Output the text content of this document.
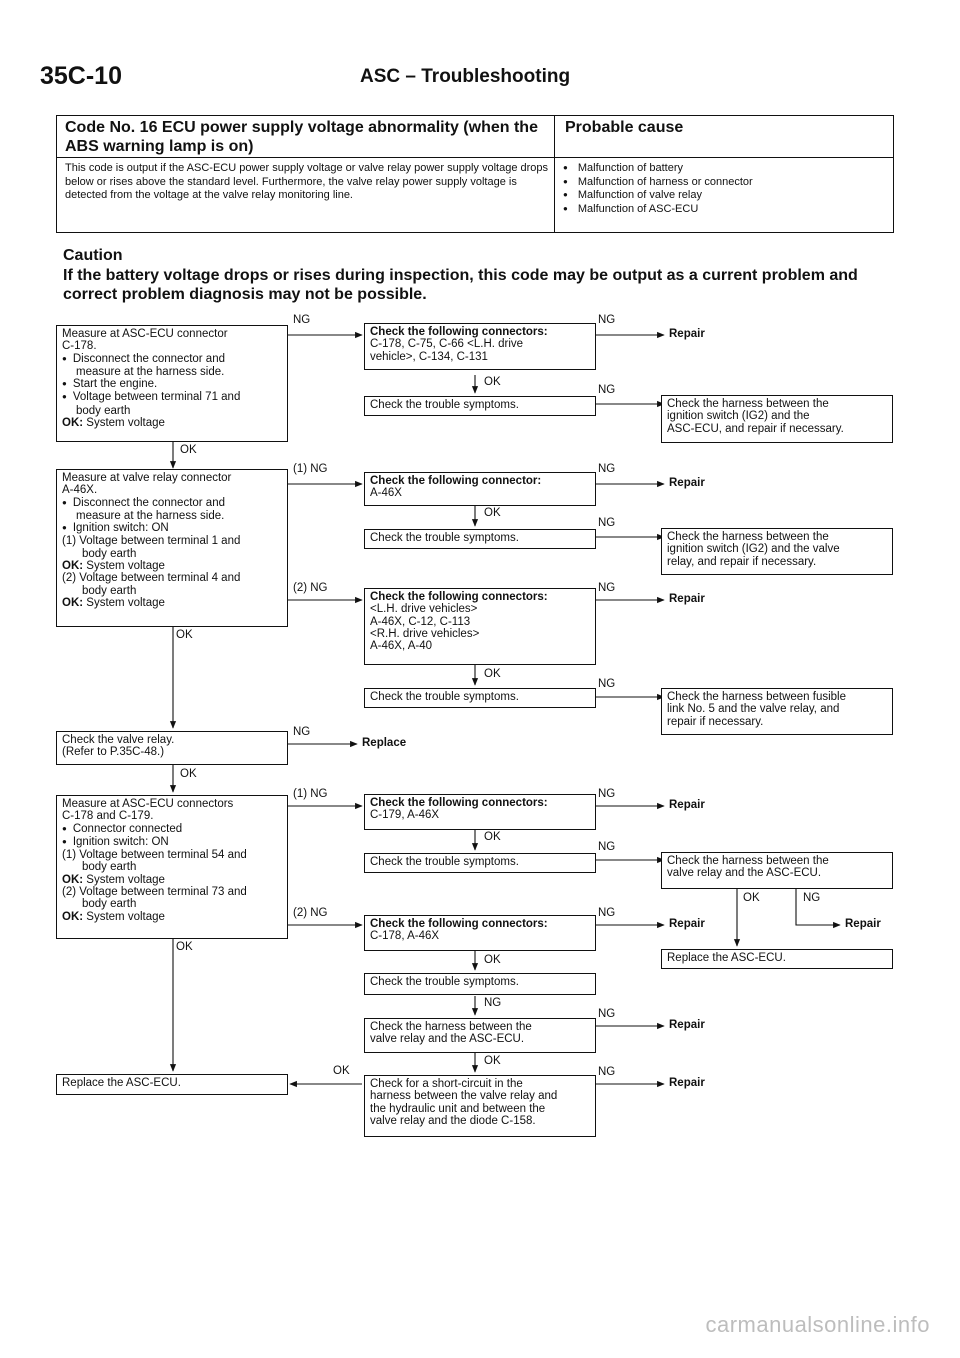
35C-10	ASC – Troubleshooting
Code No. 16 ECU power supply voltage abnormality (when the ABS warning lamp is on)
Probable cause
This code is output if the ASC-ECU power supply voltage or valve relay power supply voltage drops below or rises above the standard level. Furthermore, the valve relay power supply voltage is detected from the voltage at the valve relay monitoring line.
● Malfunction of battery
● Malfunction of harness or connector
● Malfunction of valve relay
● Malfunction of ASC-ECU
Caution
If the battery voltage drops or rises during inspection, this code may be output as a current problem and correct problem diagnosis may not be possible.
Measure at ASC-ECU connector
C-178.
● Disconnect the connector and
measure at the harness side.
● Start the engine.
● Voltage between terminal 71 and
body earth
OK: System voltage
Measure at valve relay connector
A-46X.
● Disconnect the connector and
measure at the harness side.
● Ignition switch: ON
(1) Voltage between terminal 1 and
body earth
OK: System voltage
(2) Voltage between terminal 4 and
body earth
OK: System voltage
Check the valve relay.
(Refer to P.35C-48.)
Measure at ASC-ECU connectors
C-178 and C-179.
● Connector connected
● Ignition switch: ON
(1) Voltage between terminal 54 and
body earth
OK: System voltage
(2) Voltage between terminal 73 and
body earth
OK: System voltage
Replace the ASC-ECU.
Check the following connectors:
C-178, C-75, C-66 <L.H. drive
vehicle>, C-134, C-131
Check the trouble symptoms.
Check the following connector:
A-46X
Check the trouble symptoms.
Check the following connectors:
<L.H. drive vehicles>
A-46X, C-12, C-113
<R.H. drive vehicles>
A-46X, A-40
Check the trouble symptoms.
Check the following connectors:
C-179, A-46X
Check the trouble symptoms.
Check the following connectors:
C-178, A-46X
Check the trouble symptoms.
Check the harness between the
valve relay and the ASC-ECU.
Check for a short-circuit in the
harness between the valve relay and
the hydraulic unit and between the
valve relay and the diode C-158.
Check the harness between the
ignition switch (IG2) and the
ASC-ECU, and repair if necessary.
Check the harness between the
ignition switch (IG2) and the valve
relay, and repair if necessary.
Check the harness between fusible
link No. 5 and the valve relay, and
repair if necessary.
Check the harness between the
valve relay and the ASC-ECU.
Replace the ASC-ECU.
OK
OK
OK
OK
NG
(1) NG
(2) NG
NG
(1) NG
(2) NG
OK
OK
OK
OK
OK
OK
NG
OK
NG
NG
NG
NG
NG
NG
NG
NG
NG
NG
NG
OK	NG
Repair
Repair
Repair
Replace
Repair
Repair	Repair
Repair
Repair
carmanualsonline.info
